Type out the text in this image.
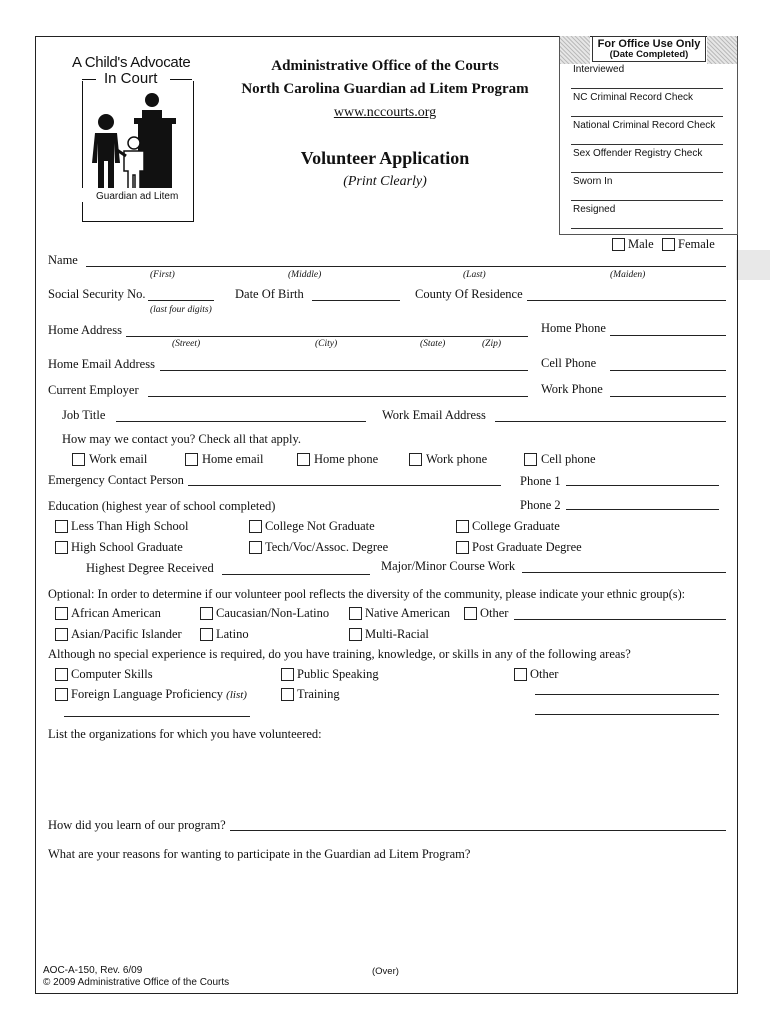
A Child's Advocate
In Court
Guardian ad Litem
Administrative Office of the Courts
North Carolina Guardian ad Litem Program
www.nccourts.org
Volunteer Application
(Print Clearly)
For Office Use Only
(Date Completed)
Interviewed
NC Criminal Record Check
National Criminal Record Check
Sex Offender Registry Check
Sworn In
Resigned
Male Female
Name
(First)	(Middle)	(Last)	(Maiden)
Social Security No.
(last four digits)
Date Of Birth	County Of Residence
Home Address
(Street)	(City)	(State)	(Zip)
Home Phone
Home Email Address	Cell Phone
Current Employer	Work Phone
Job Title	Work Email Address
How may we contact you? Check all that apply.
Work email	Home email	Home phone	Work phone	Cell phone
Emergency Contact Person	Phone 1
Education (highest year of school completed)	Phone 2
Less Than High School	College Not Graduate	College Graduate
High School Graduate	Tech/Voc/Assoc. Degree	Post Graduate Degree
Highest Degree Received	Major/Minor Course Work
Optional: In order to determine if our volunteer pool reflects the diversity of the community, please indicate your ethnic group(s):
African American	Caucasian/Non-Latino	Native American Other
Asian/Pacific Islander	Latino	Multi-Racial
Although no special experience is required, do you have training, knowledge, or skills in any of the following areas?
Computer Skills	Public Speaking	Other
Foreign Language Proficiency (list)	Training
List the organizations for which you have volunteered:
How did you learn of our program?
What are your reasons for wanting to participate in the Guardian ad Litem Program?
AOC-A-150, Rev. 6/09
© 2009 Administrative Office of the Courts
(Over)
